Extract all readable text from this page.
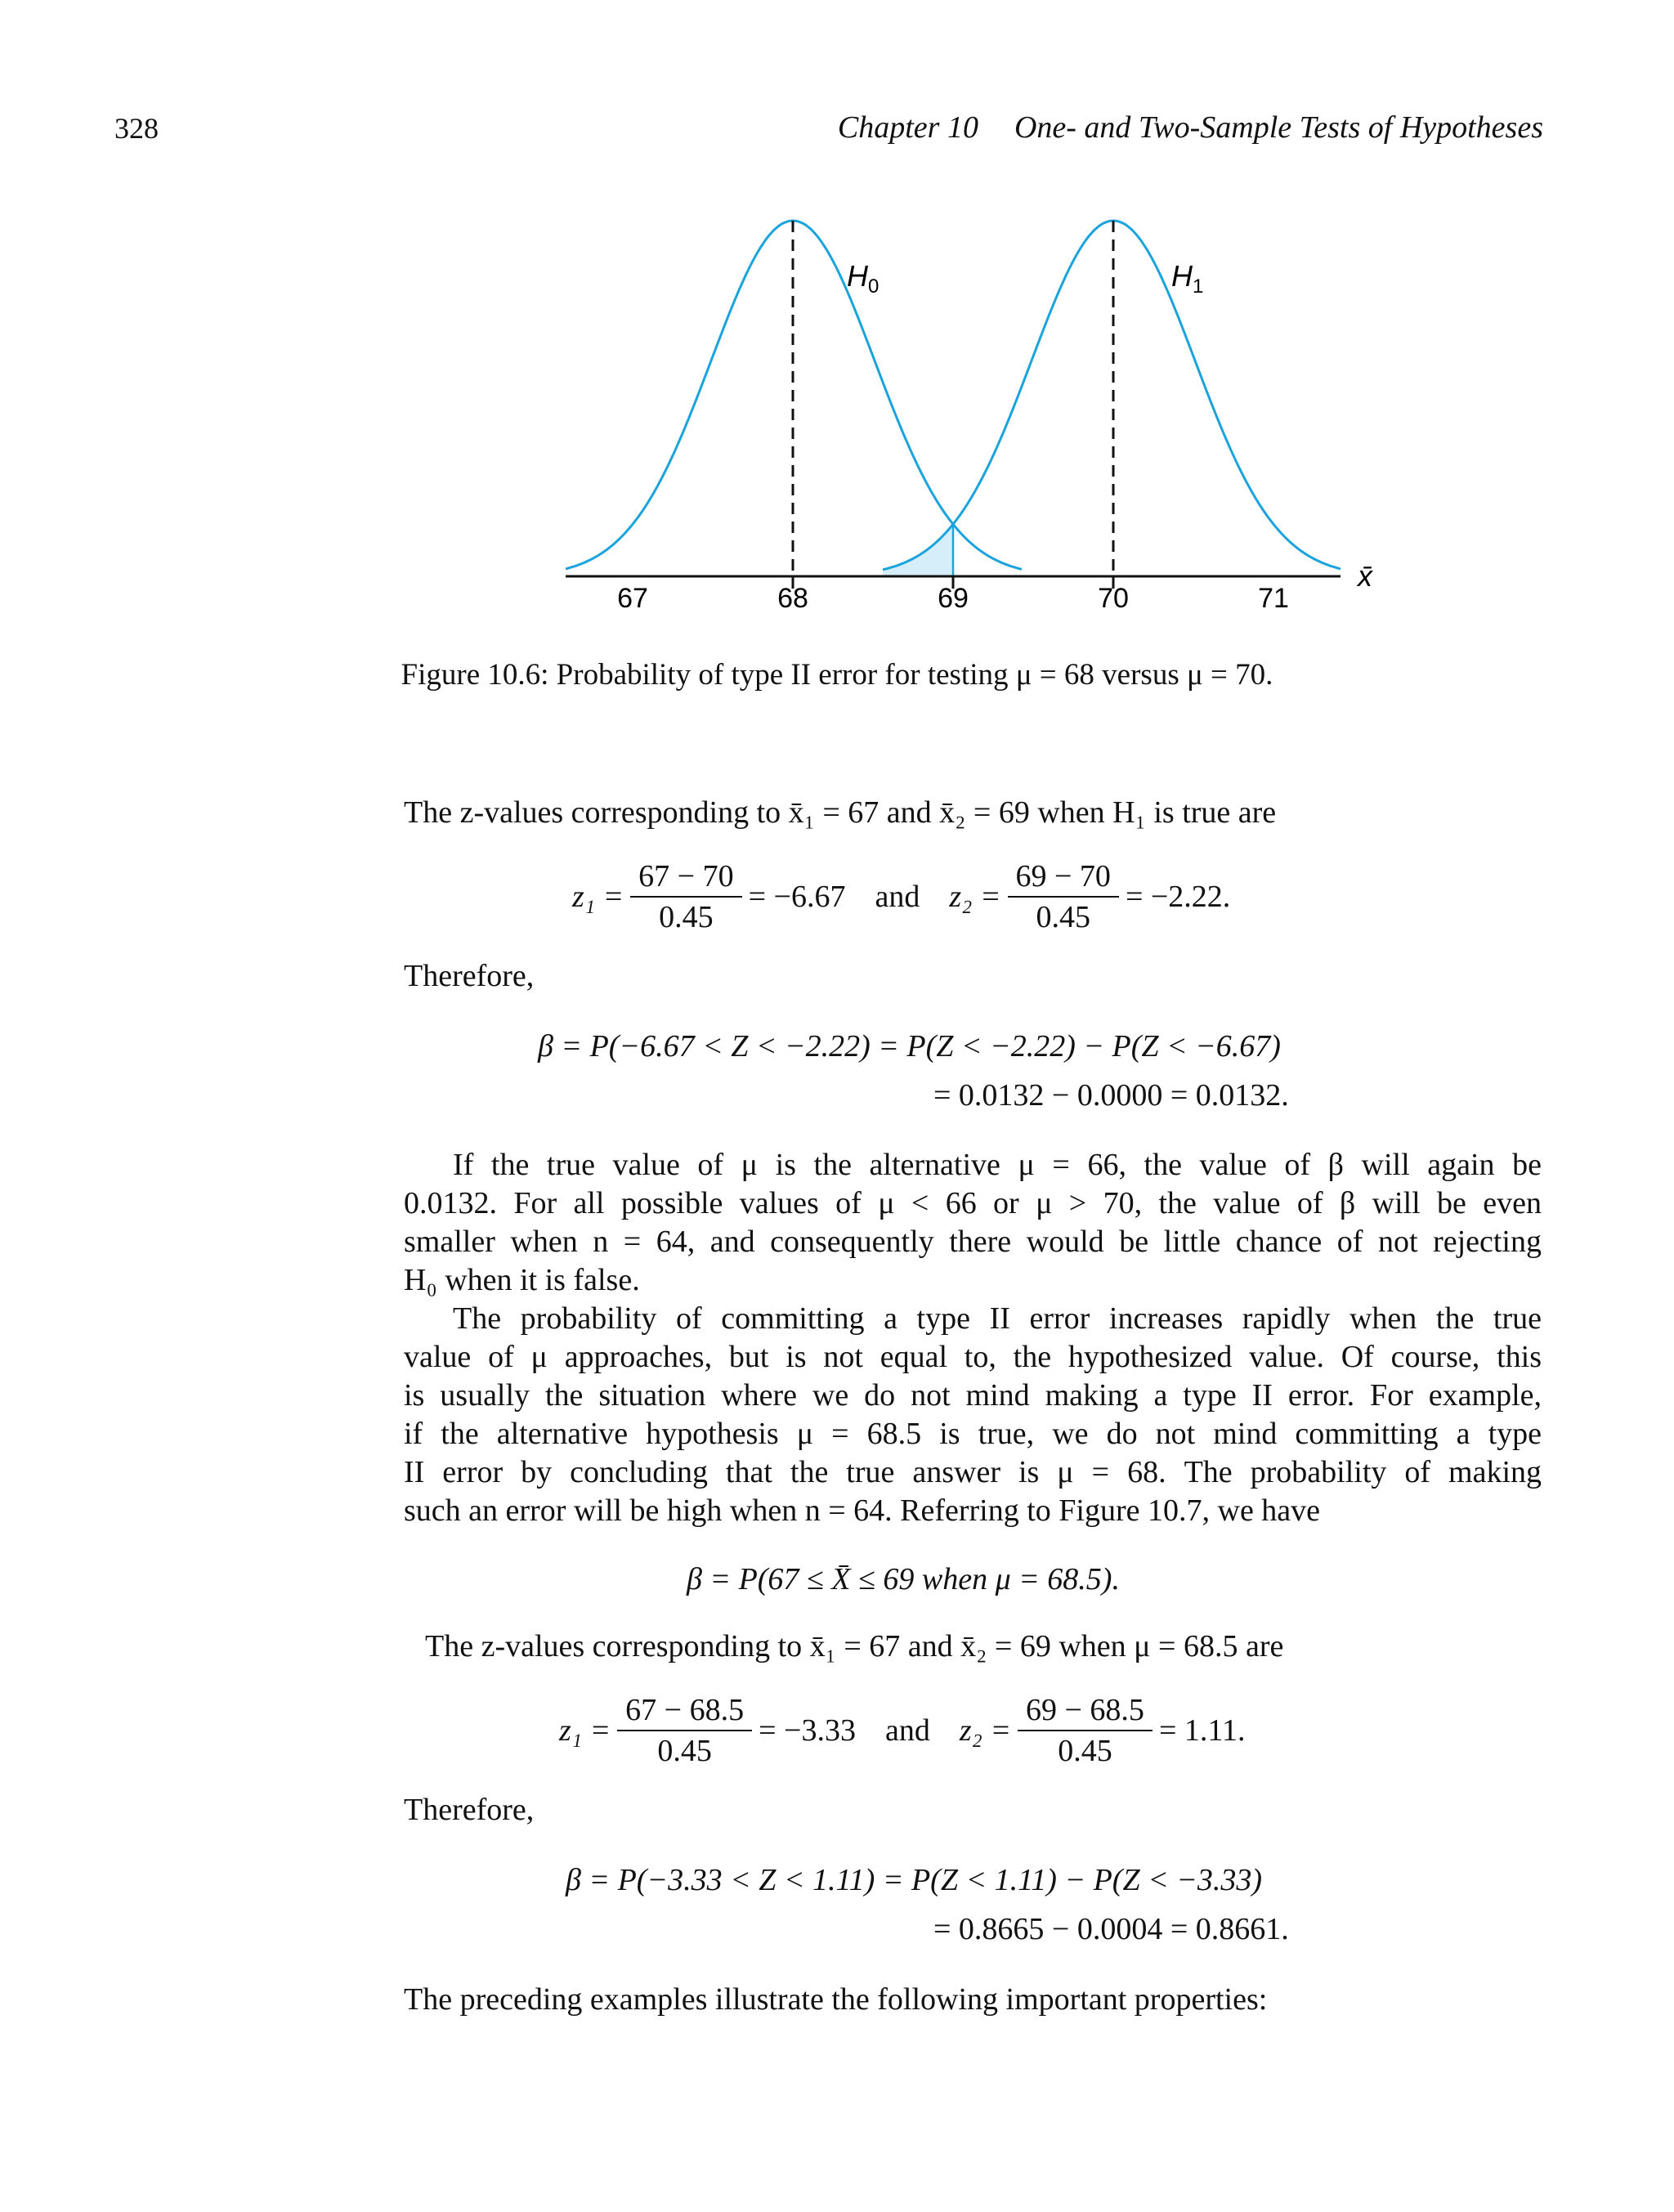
328	Chapter 10 One- and Two-Sample Tests of Hypotheses
67	68	69	70	71
x̄
$H_0$	$H_1$
Figure 10.6: Probability of type II error for testing μ = 68 versus μ = 70.
The z-values corresponding to x̄₁ = 67 and x̄₂ = 69 when H₁ is true are
$z_1 = \frac{67 - 70}{0.45} = -6.67$ and $z_2 = \frac{69 - 70}{0.45} = -2.22$.
Therefore,
β = P(−6.67 < Z < −2.22) = P(Z < −2.22) − P(Z < −6.67)
= 0.0132 − 0.0000 = 0.0132.
If the true value of μ is the alternative μ = 66, the value of β will again be
0.0132. For all possible values of μ < 66 or μ > 70, the value of β will be even
smaller when n = 64, and consequently there would be little chance of not rejecting
H₀ when it is false.
The probability of committing a type II error increases rapidly when the true
value of μ approaches, but is not equal to, the hypothesized value. Of course, this
is usually the situation where we do not mind making a type II error. For example,
if the alternative hypothesis μ = 68.5 is true, we do not mind committing a type
II error by concluding that the true answer is μ = 68. The probability of making
such an error will be high when n = 64. Referring to Figure 10.7, we have
β = P(67 ≤ X̄ ≤ 69 when μ = 68.5).
The z-values corresponding to x̄₁ = 67 and x̄₂ = 69 when μ = 68.5 are
$z_1 = \frac{67 - 68.5}{0.45} = -3.33$ and $z_2 = \frac{69 - 68.5}{0.45} = 1.11$.
Therefore,
β = P(−3.33 < Z < 1.11) = P(Z < 1.11) − P(Z < −3.33)
= 0.8665 − 0.0004 = 0.8661.
The preceding examples illustrate the following important properties:
